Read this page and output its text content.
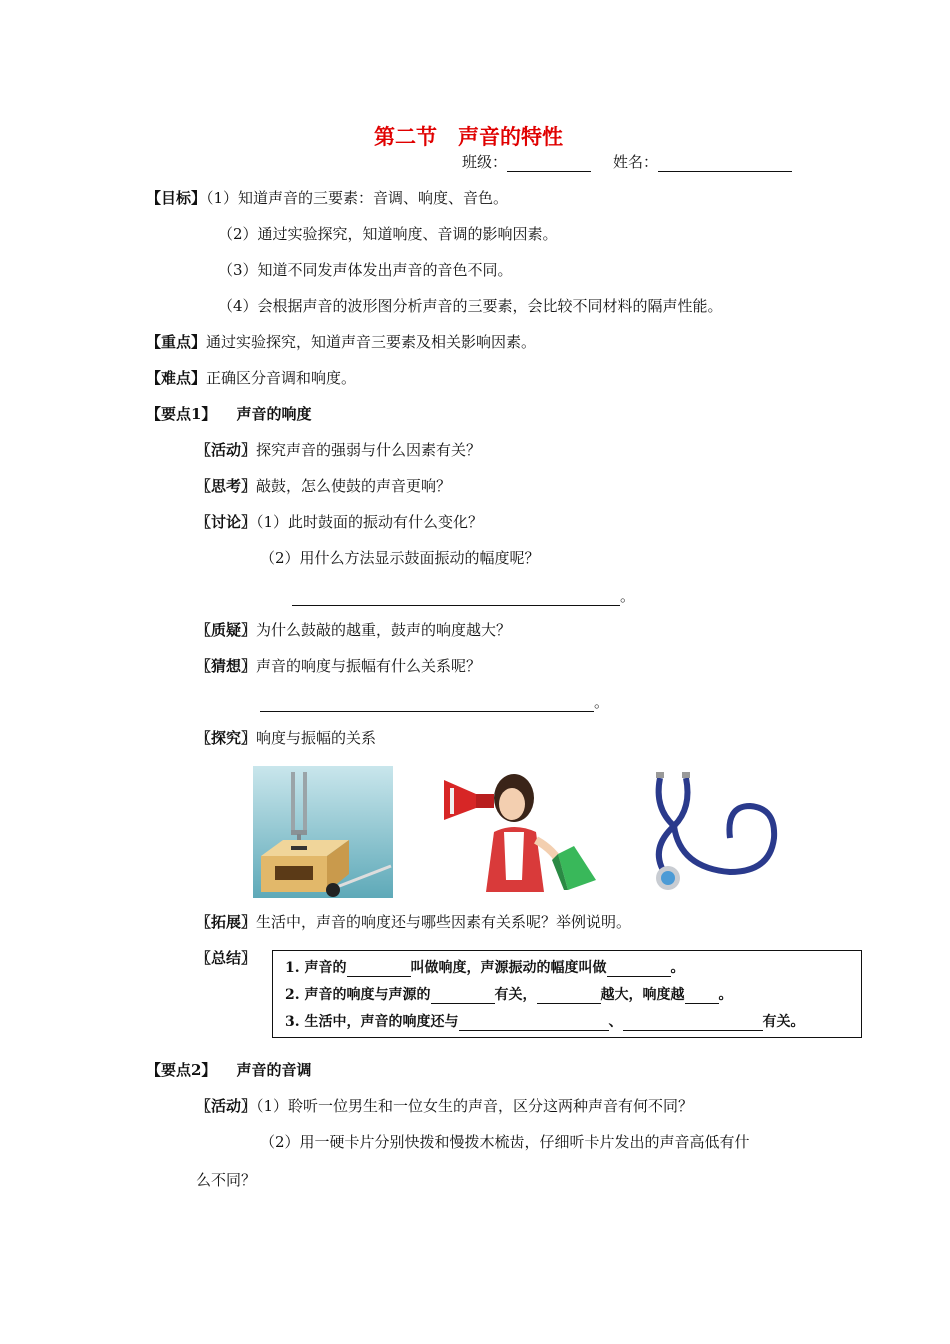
第二节　声音的特性
班级：	姓名：
【目标】（1）知道声音的三要素：音调、响度、音色。
（2）通过实验探究，知道响度、音调的影响因素。
（3）知道不同发声体发出声音的音色不同。
（4）会根据声音的波形图分析声音的三要素，会比较不同材料的隔声性能。
【重点】通过实验探究，知道声音三要素及相关影响因素。
【难点】正确区分音调和响度。
【要点1】 声音的响度
〖活动〗探究声音的强弱与什么因素有关？
〖思考〗敲鼓，怎么使鼓的声音更响？
〖讨论〗（1）此时鼓面的振动有什么变化？
（2）用什么方法显示鼓面振动的幅度呢？
。
〖质疑〗为什么鼓敲的越重，鼓声的响度越大？
〖猜想〗声音的响度与振幅有什么关系呢？
。
〖探究〗响度与振幅的关系
〖拓展〗生活中，声音的响度还与哪些因素有关系呢？举例说明。
〖总结〗
1. 声音的	叫做响度，声源振动的幅度叫做	。
2. 声音的响度与声源的	有关，	越大，响度越 。
3. 生活中，声音的响度还与	、	有关。
【要点2】 声音的音调
〖活动〗（1）聆听一位男生和一位女生的声音，区分这两种声音有何不同？
（2）用一硬卡片分别快拨和慢拨木梳齿，仔细听卡片发出的声音高低有什
么不同？
